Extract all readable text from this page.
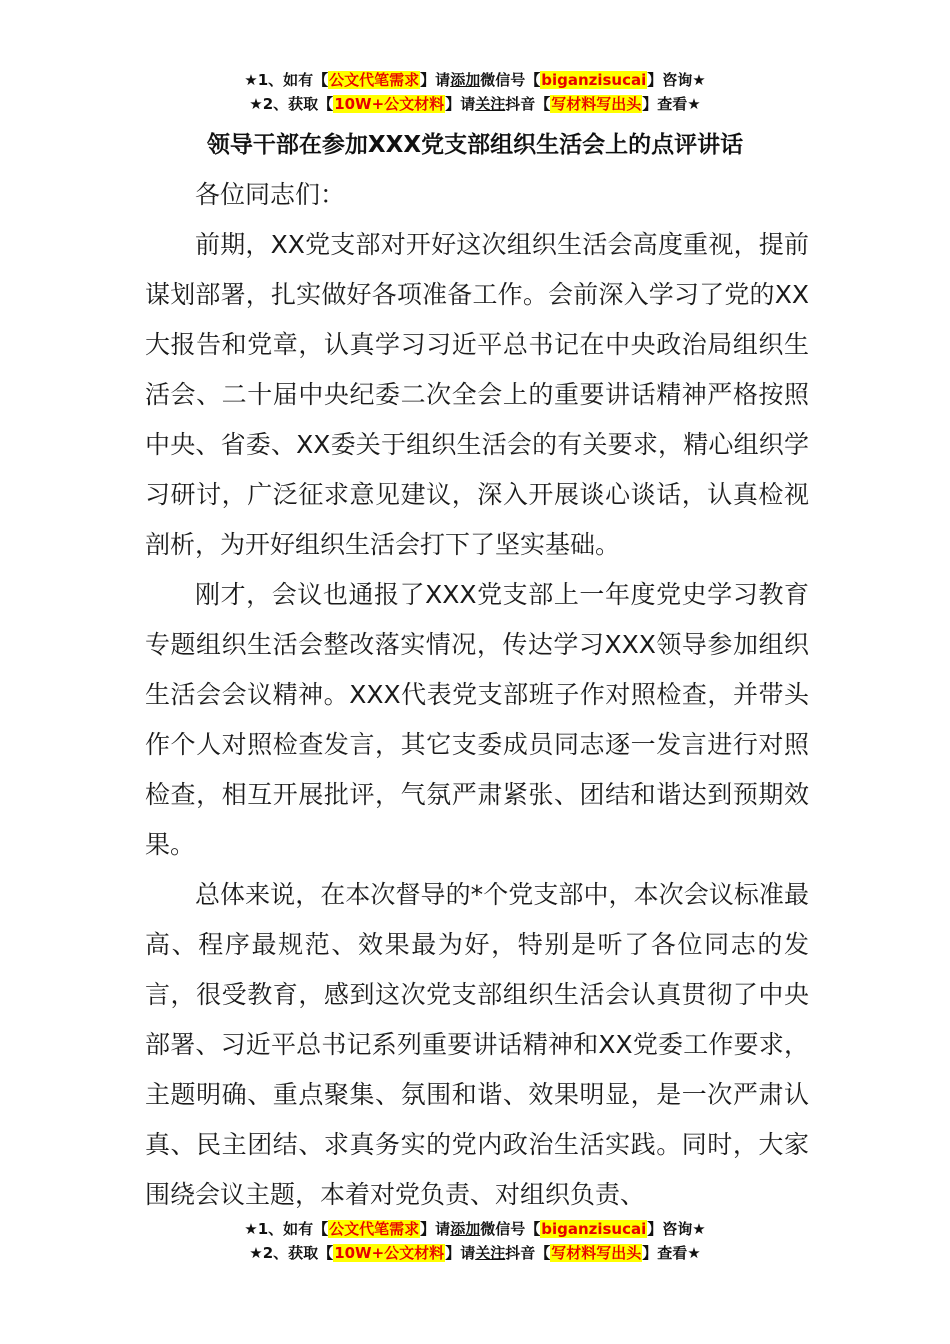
★1、如有【公文代笔需求】请添加微信号【biganzisucai】咨询★
★2、获取【10W+公文材料】请关注抖音【写材料写出头】查看★
领导干部在参加XXX党支部组织生活会上的点评讲话

各位同志们：

前期，XX党支部对开好这次组织生活会高度重视，提前谋划部署，扎实做好各项准备工作。会前深入学习了党的XX大报告和党章，认真学习习近平总书记在中央政治局组织生活会、二十届中央纪委二次全会上的重要讲话精神严格按照中央、省委、XX委关于组织生活会的有关要求，精心组织学习研讨，广泛征求意见建议，深入开展谈心谈话，认真检视剖析，为开好组织生活会打下了坚实基础。

刚才，会议也通报了XXX党支部上一年度党史学习教育专题组织生活会整改落实情况，传达学习XXX领导参加组织生活会会议精神。XXX代表党支部班子作对照检查，并带头作个人对照检查发言，其它支委成员同志逐一发言进行对照检查，相互开展批评，气氛严肃紧张、团结和谐达到预期效果。

总体来说，在本次督导的*个党支部中，本次会议标准最高、程序最规范、效果最为好，特别是听了各位同志的发言，很受教育，感到这次党支部组织生活会认真贯彻了中央部署、习近平总书记系列重要讲话精神和XX党委工作要求，主题明确、重点聚集、氛围和谐、效果明显，是一次严肃认真、民主团结、求真务实的党内政治生活实践。同时，大家围绕会议主题，本着对党负责、对组织负责、

★1、如有【公文代笔需求】请添加微信号【biganzisucai】咨询★
★2、获取【10W+公文材料】请关注抖音【写材料写出头】查看★
